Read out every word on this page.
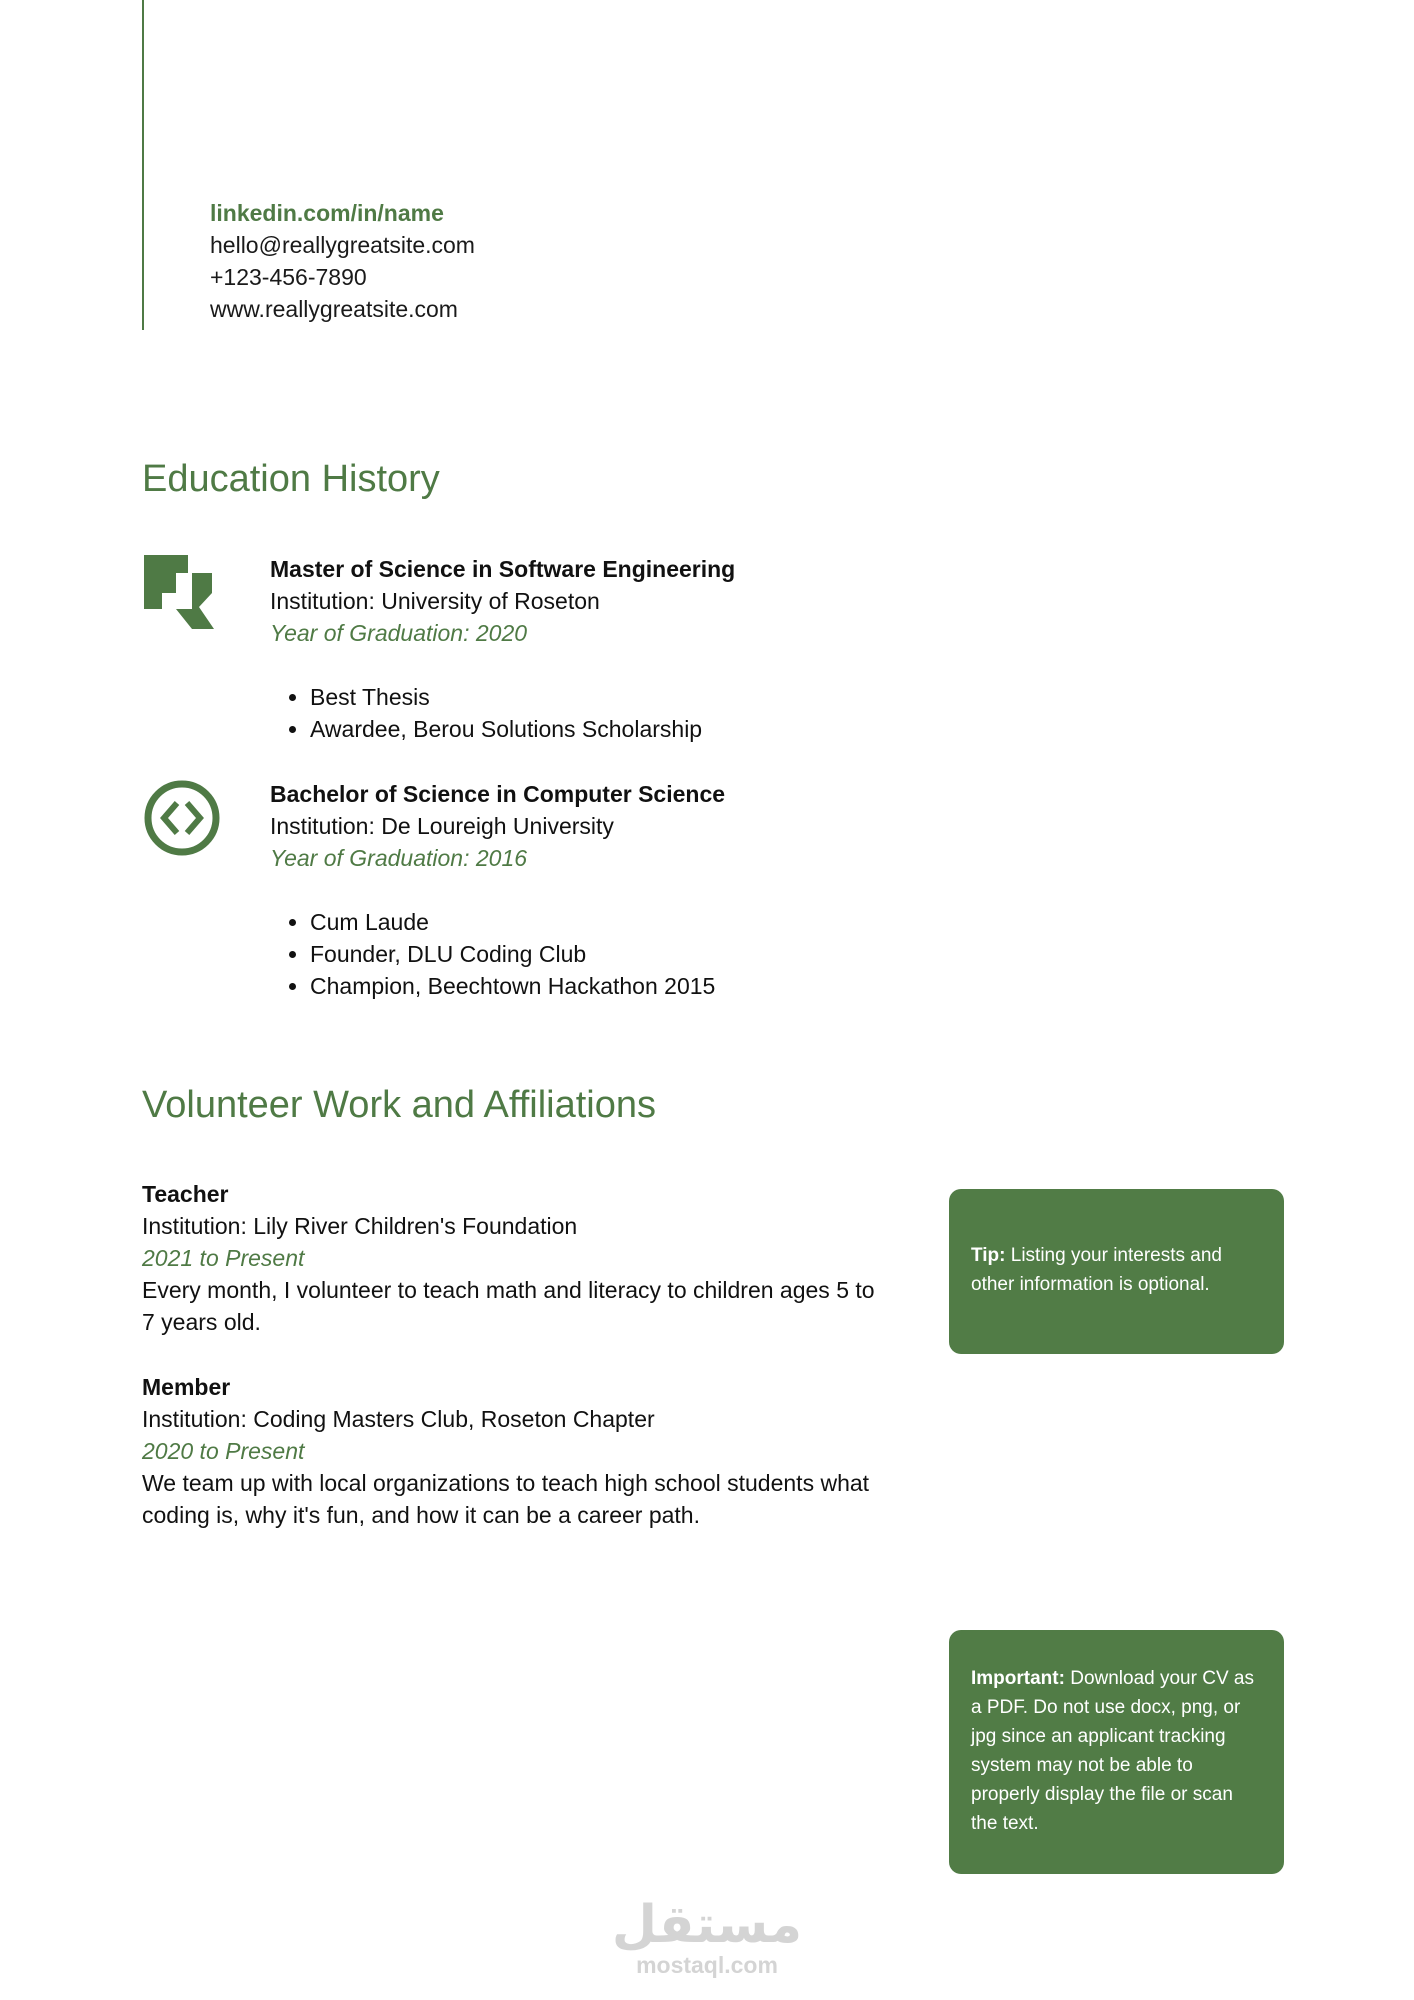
linkedin.com/in/name
hello@reallygreatsite.com
+123-456-7890
www.reallygreatsite.com
Education History
Master of Science in Software Engineering
Institution: University of Roseton
Year of Graduation: 2020
• Best Thesis
• Awardee, Berou Solutions Scholarship
Bachelor of Science in Computer Science
Institution: De Loureigh University
Year of Graduation: 2016
• Cum Laude
• Founder, DLU Coding Club
• Champion, Beechtown Hackathon 2015
Volunteer Work and Affiliations
Teacher
Institution: Lily River Children's Foundation
2021 to Present
Every month, I volunteer to teach math and literacy to children ages 5 to 7 years old.
Member
Institution: Coding Masters Club, Roseton Chapter
2020 to Present
We team up with local organizations to teach high school students what coding is, why it's fun, and how it can be a career path.
Tip: Listing your interests and other information is optional.
Important: Download your CV as a PDF. Do not use docx, png, or jpg since an applicant tracking system may not be able to properly display the file or scan the text.
مستقل
mostaql.com
